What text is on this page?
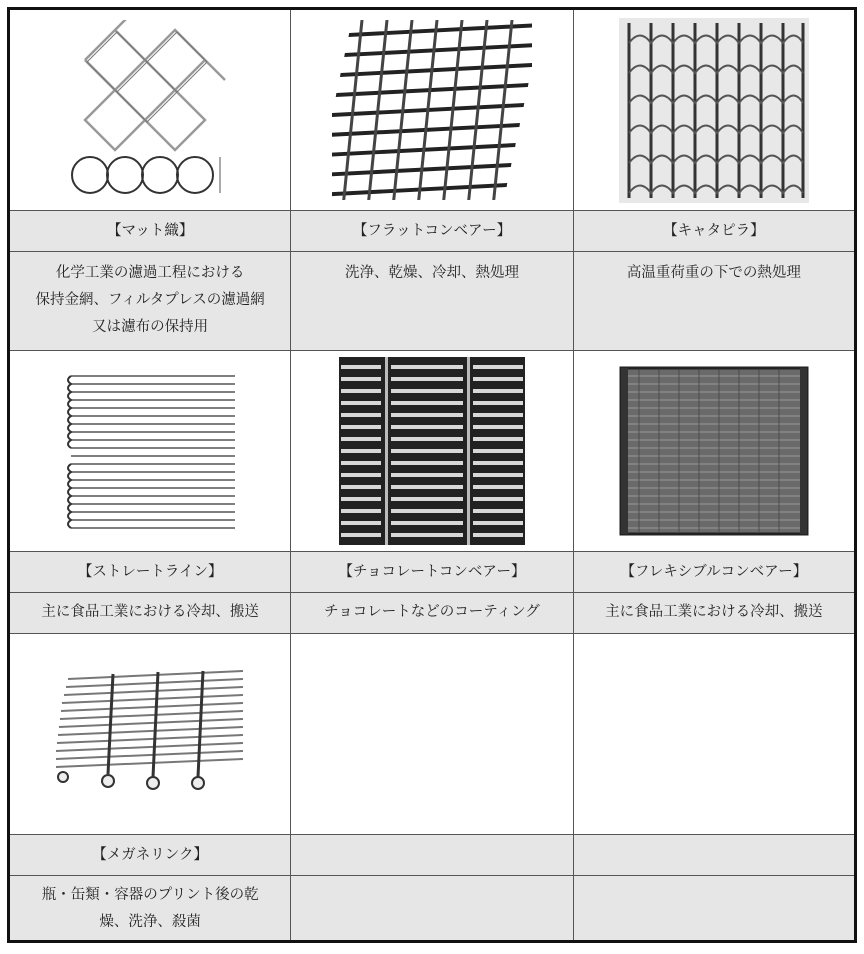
【マット織】	【フラットコンベアー】	【キャタピラ】

化学工業の濾過工程における
保持金網、フィルタプレスの濾過網
又は濾布の保持用	洗浄、乾燥、冷却、熱処理	高温重荷重の下での熱処理

【ストレートライン】	【チョコレートコンベアー】	【フレキシブルコンベアー】

主に食品工業における冷却、搬送	チョコレートなどのコーティング	主に食品工業における冷却、搬送

【メガネリンク】		

瓶・缶類・容器のプリント後の乾
燥、洗浄、殺菌		
